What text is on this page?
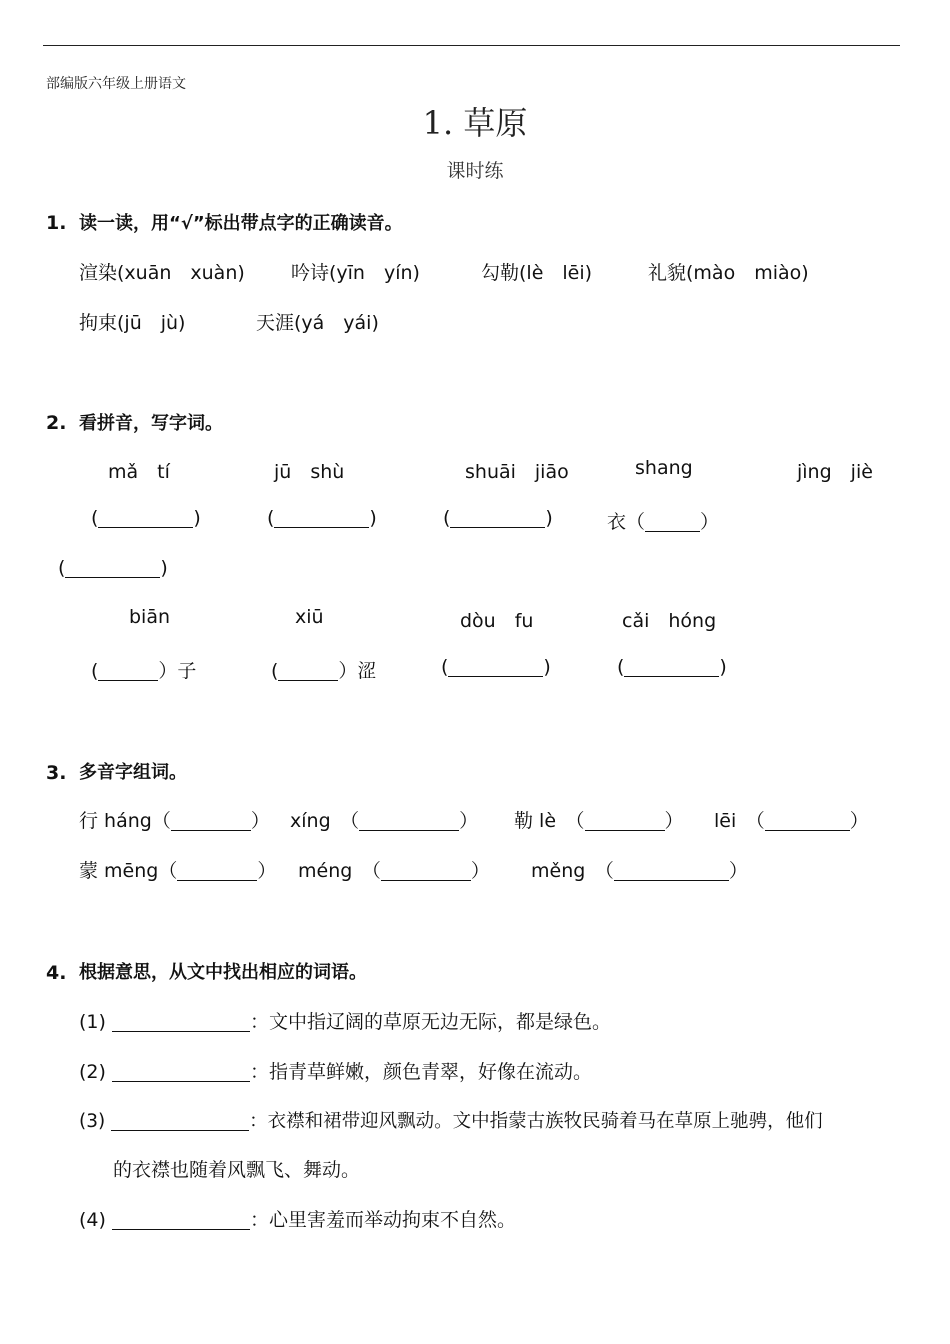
部编版六年级上册语文
1. 草原
课时练
1. 读一读，用“√”标出带点字的正确读音。
渲染(xuān　xuàn) 吟诗(yīn　yín)	勾勒(lè　lēi)	礼貌(mào　miào)
拘束(jū　jù)	天涯(yá　yái)
2. 看拼音，写字词。
mǎ　tí	jū　shù	shuāi　jiāo	shang	jìng　jiè
(	)	(	)	(	)	衣（	）
(	)
biān	xiū	dòu　fu	cǎi　hóng
(	）子	(	）涩	(	)	(	)
3. 多音字组词。
行 háng（	） xíng　 （	） 勒 lè　 （	） lēi　 （	）
蒙 mēng（	） méng　 （	） měng　 （	）
4. 根据意思，从文中找出相应的词语。
(1)	：文中指辽阔的草原无边无际，都是绿色。
(2)	：指青草鲜嫩，颜色青翠，好像在流动。
(3)	：衣襟和裙带迎风飘动。文中指蒙古族牧民骑着马在草原上驰骋，他们
的衣襟也随着风飘飞、舞动。
(4)	：心里害羞而举动拘束不自然。
